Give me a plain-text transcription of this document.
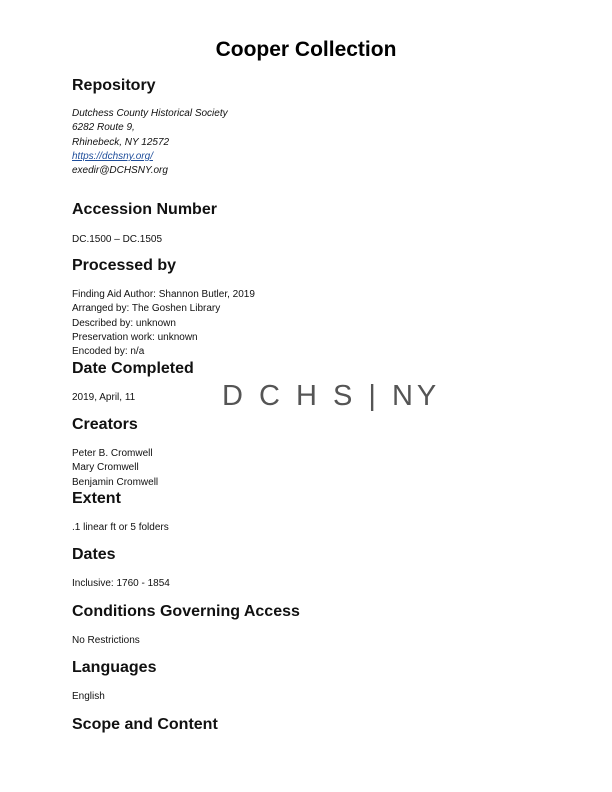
Cooper Collection
Repository
Dutchess County Historical Society
6282 Route 9,
Rhinebeck, NY 12572
https://dchsny.org/
exedir@DCHSNY.org
Accession Number
DC.1500 – DC.1505
Processed by
Finding Aid Author: Shannon Butler, 2019
Arranged by: The Goshen Library
Described by: unknown
Preservation work: unknown
Encoded by: n/a
Date Completed
2019, April, 11	D C H S | NY
Creators
Peter B. Cromwell
Mary Cromwell
Benjamin Cromwell
Extent
.1 linear ft or 5 folders
Dates
Inclusive: 1760 - 1854
Conditions Governing Access
No Restrictions
Languages
English
Scope and Content
